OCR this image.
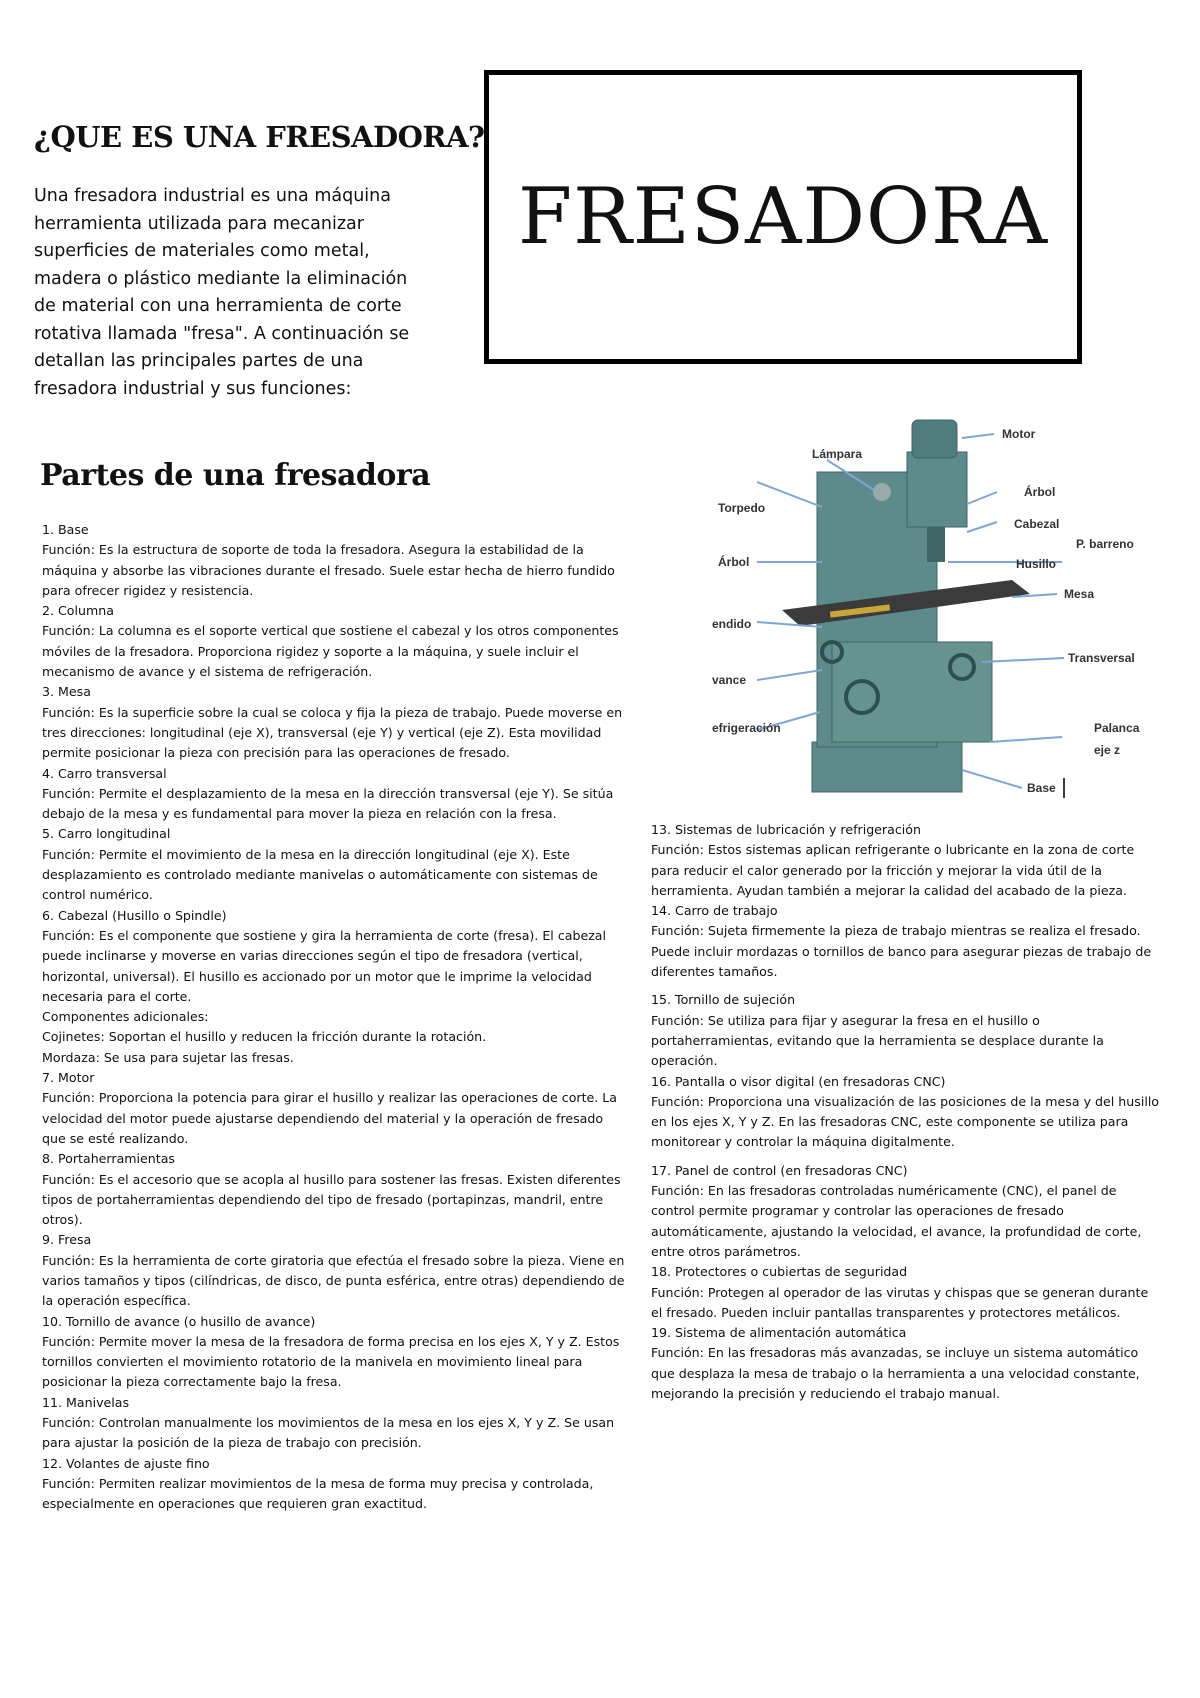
¿QUE ES UNA FRESADORA?

Una fresadora industrial es una máquina herramienta utilizada para mecanizar superficies de materiales como metal, madera o plástico mediante la eliminación de material con una herramienta de corte rotativa llamada "fresa". A continuación se detallan las principales partes de una fresadora industrial y sus funciones:

FRESADORA
Partes de una fresadora

1. Base

Función: Es la estructura de soporte de toda la fresadora. Asegura la estabilidad de la máquina y absorbe las vibraciones durante el fresado. Suele estar hecha de hierro fundido para ofrecer rigidez y resistencia.

2. Columna

Función: La columna es el soporte vertical que sostiene el cabezal y los otros componentes móviles de la fresadora. Proporciona rigidez y soporte a la máquina, y suele incluir el mecanismo de avance y el sistema de refrigeración.

3. Mesa

Función: Es la superficie sobre la cual se coloca y fija la pieza de trabajo. Puede moverse en tres direcciones: longitudinal (eje X), transversal (eje Y) y vertical (eje Z). Esta movilidad permite posicionar la pieza con precisión para las operaciones de fresado.

4. Carro transversal

Función: Permite el desplazamiento de la mesa en la dirección transversal (eje Y). Se sitúa debajo de la mesa y es fundamental para mover la pieza en relación con la fresa.

5. Carro longitudinal

Función: Permite el movimiento de la mesa en la dirección longitudinal (eje X). Este desplazamiento es controlado mediante manivelas o automáticamente con sistemas de control numérico.

6. Cabezal (Husillo o Spindle)

Función: Es el componente que sostiene y gira la herramienta de corte (fresa). El cabezal puede inclinarse y moverse en varias direcciones según el tipo de fresadora (vertical, horizontal, universal). El husillo es accionado por un motor que le imprime la velocidad necesaria para el corte.

Componentes adicionales:

Cojinetes: Soportan el husillo y reducen la fricción durante la rotación.

Mordaza: Se usa para sujetar las fresas.

7. Motor

Función: Proporciona la potencia para girar el husillo y realizar las operaciones de corte. La velocidad del motor puede ajustarse dependiendo del material y la operación de fresado que se esté realizando.

8. Portaherramientas

Función: Es el accesorio que se acopla al husillo para sostener las fresas. Existen diferentes tipos de portaherramientas dependiendo del tipo de fresado (portapinzas, mandril, entre otros).

9. Fresa

Función: Es la herramienta de corte giratoria que efectúa el fresado sobre la pieza. Viene en varios tamaños y tipos (cilíndricas, de disco, de punta esférica, entre otras) dependiendo de la operación específica.

10. Tornillo de avance (o husillo de avance)

Función: Permite mover la mesa de la fresadora de forma precisa en los ejes X, Y y Z. Estos tornillos convierten el movimiento rotatorio de la manivela en movimiento lineal para posicionar la pieza correctamente bajo la fresa.

11. Manivelas

Función: Controlan manualmente los movimientos de la mesa en los ejes X, Y y Z. Se usan para ajustar la posición de la pieza de trabajo con precisión.

12. Volantes de ajuste fino

Función: Permiten realizar movimientos de la mesa de forma muy precisa y controlada, especialmente en operaciones que requieren gran exactitud.

Motor
Lámpara
Árbol
Torpedo
Cabezal
P. barreno
Árbol	Husillo
Mesa
endido
Transversal
vance
efrigeración	Palanca
eje z
Base

13. Sistemas de lubricación y refrigeración

Función: Estos sistemas aplican refrigerante o lubricante en la zona de corte para reducir el calor generado por la fricción y mejorar la vida útil de la herramienta. Ayudan también a mejorar la calidad del acabado de la pieza.

14. Carro de trabajo

Función: Sujeta firmemente la pieza de trabajo mientras se realiza el fresado. Puede incluir mordazas o tornillos de banco para asegurar piezas de trabajo de diferentes tamaños.

15. Tornillo de sujeción

Función: Se utiliza para fijar y asegurar la fresa en el husillo o portaherramientas, evitando que la herramienta se desplace durante la operación.

16. Pantalla o visor digital (en fresadoras CNC)

Función: Proporciona una visualización de las posiciones de la mesa y del husillo en los ejes X, Y y Z. En las fresadoras CNC, este componente se utiliza para monitorear y controlar la máquina digitalmente.

17. Panel de control (en fresadoras CNC)

Función: En las fresadoras controladas numéricamente (CNC), el panel de control permite programar y controlar las operaciones de fresado automáticamente, ajustando la velocidad, el avance, la profundidad de corte, entre otros parámetros.

18. Protectores o cubiertas de seguridad

Función: Protegen al operador de las virutas y chispas que se generan durante el fresado. Pueden incluir pantallas transparentes y protectores metálicos.

19. Sistema de alimentación automática

Función: En las fresadoras más avanzadas, se incluye un sistema automático que desplaza la mesa de trabajo o la herramienta a una velocidad constante, mejorando la precisión y reduciendo el trabajo manual.
